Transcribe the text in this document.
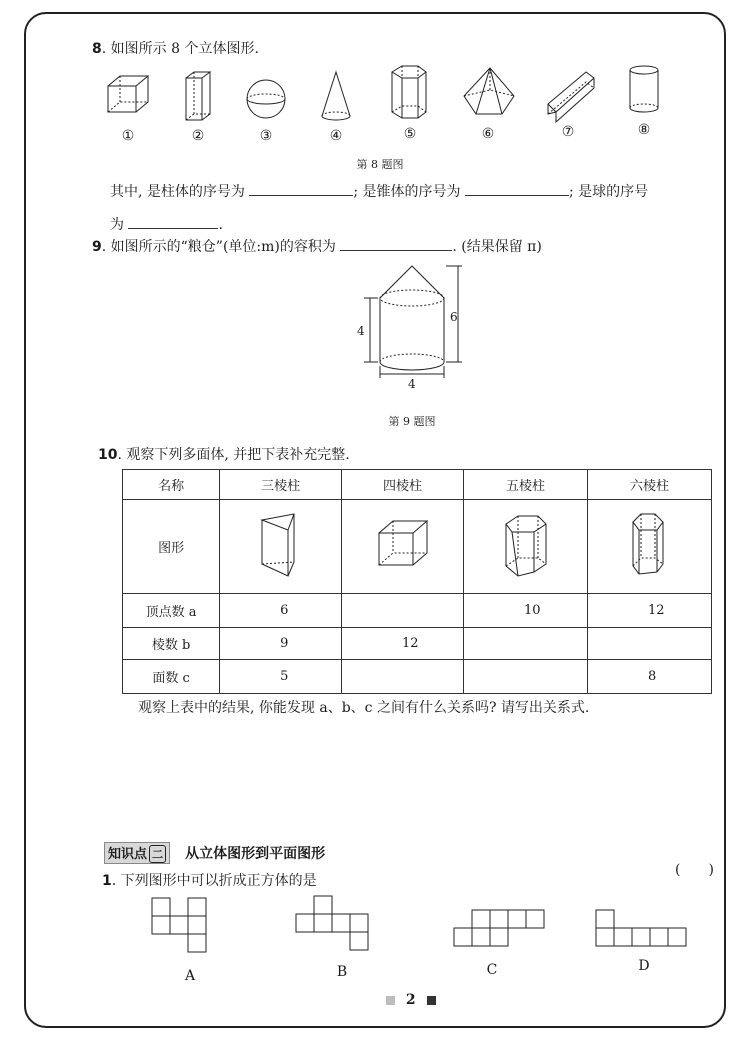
8. 如图所示 8 个立体图形.
①	②	③	④	⑤	⑥	⑦	⑧
第 8 题图
其中, 是柱体的序号为	; 是锥体的序号为	; 是球的序号
为	.
9. 如图所示的“粮仓”(单位:m)的容积为	. (结果保留 π)
4
6
4
第 9 题图
10. 观察下列多面体, 并把下表补充完整.
名称	三棱柱	四棱柱	五棱柱	六棱柱
图形				
顶点数 a	6		10	12
棱数 b	9	12		
面数 c	5			8
观察上表中的结果, 你能发现 a、b、c 之间有什么关系吗? 请写出关系式.
知识点 二 从立体图形到平面图形
1. 下列图形中可以折成正方体的是
( )
A	B	C	D
2
